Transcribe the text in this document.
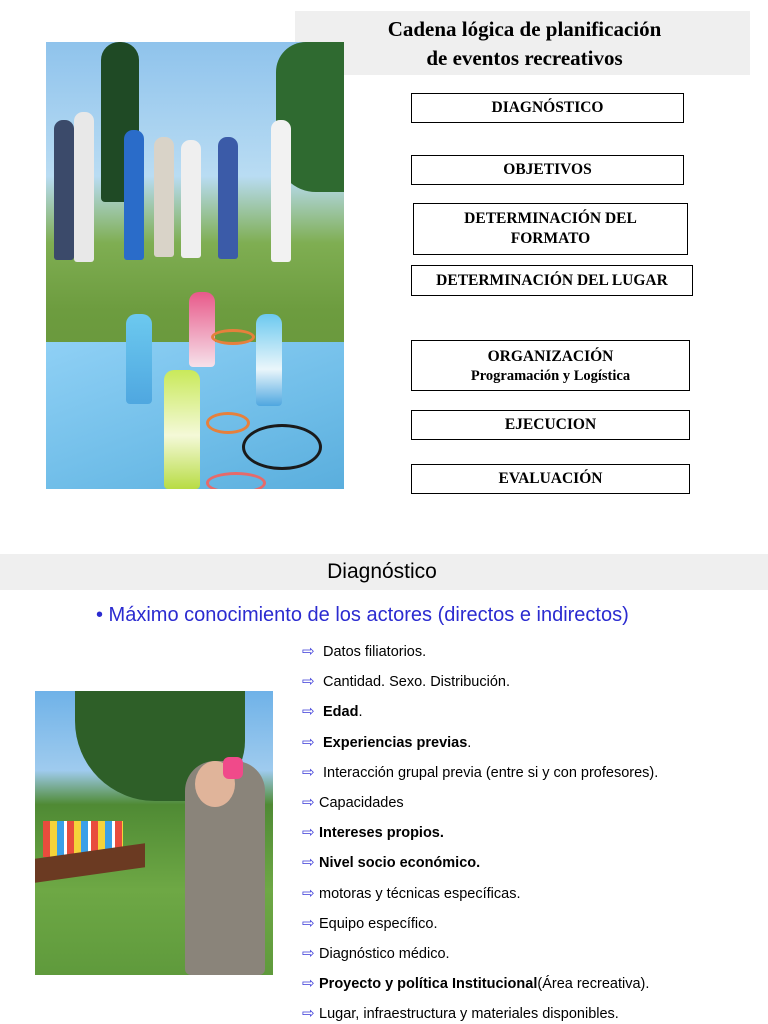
Cadena lógica de planificación
de eventos recreativos
DIAGNÓSTICO
OBJETIVOS
DETERMINACIÓN DEL
FORMATO
DETERMINACIÓN DEL LUGAR
ORGANIZACIÓN
Programación y Logística
EJECUCION
EVALUACIÓN
Diagnóstico
• Máximo conocimiento de los actores (directos e indirectos)
⇨ Datos filiatorios.
⇨ Cantidad. Sexo. Distribución.
⇨ Edad .
⇨ Experiencias previas .
⇨ Interacción grupal previa (entre si y con profesores).
⇨ Capacidades
⇨ Intereses propios.
⇨ Nivel socio económico.
⇨ motoras y técnicas específicas.
⇨ Equipo específico.
⇨ Diagnóstico médico.
⇨ Proyecto y política Institucional (Área recreativa).
⇨ Lugar, infraestructura y materiales disponibles.
